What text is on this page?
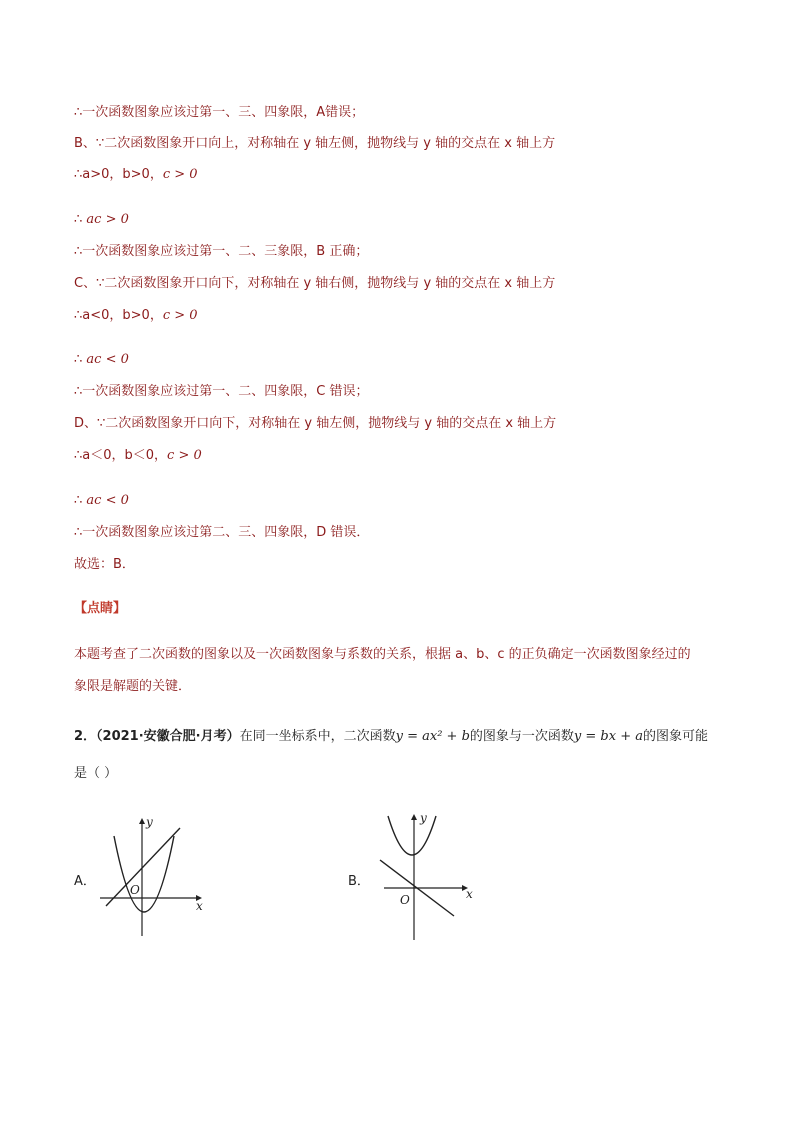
∴一次函数图象应该过第一、三、四象限，A错误；
B、∵二次函数图象开口向上，对称轴在 y 轴左侧，抛物线与 y 轴的交点在 x 轴上方
∴a>0，b>0，c > 0
∴ ac > 0
∴一次函数图象应该过第一、二、三象限，B 正确；
C、∵二次函数图象开口向下，对称轴在 y 轴右侧，抛物线与 y 轴的交点在 x 轴上方
∴a<0，b>0，c > 0
∴ ac < 0
∴一次函数图象应该过第一、二、四象限，C 错误；
D、∵二次函数图象开口向下，对称轴在 y 轴左侧，抛物线与 y 轴的交点在 x 轴上方
∴a＜0，b＜0，c > 0
∴ ac < 0
∴一次函数图象应该过第二、三、四象限，D 错误．
故选：B．
【点睛】
本题考查了二次函数的图象以及一次函数图象与系数的关系，根据 a、b、c 的正负确定一次函数图象经过的
象限是解题的关键．
2．（2021·安徽合肥·月考）在同一坐标系中，二次函数y = ax² + b的图象与一次函数y = bx + a的图象可能
是（ ）
A．
y
x
O
B．
y
x
O
